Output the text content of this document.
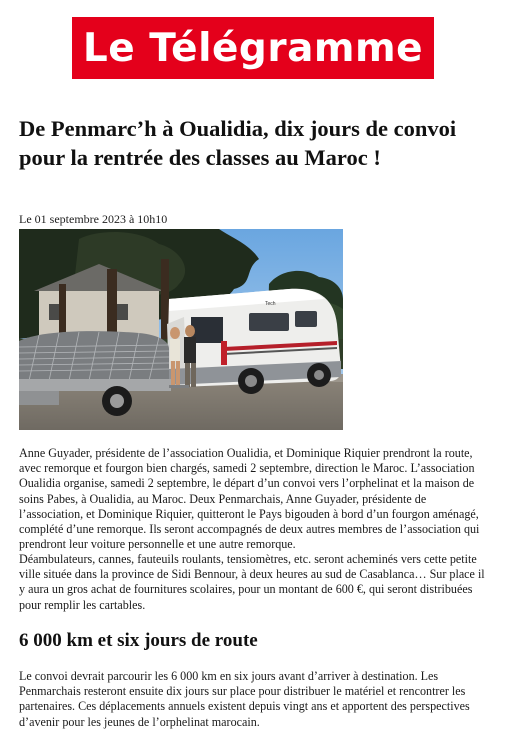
Le Télégramme
De Penmarc’h à Oualidia, dix jours de convoi pour la rentrée des classes au Maroc !
Le 01 septembre 2023 à 10h10
Tech

Anne Guyader, présidente de l’association Oualidia, et Dominique Riquier prendront la route, avec remorque et fourgon bien chargés, samedi 2 septembre, direction le Maroc. L’association Oualidia organise, samedi 2 septembre, le départ d’un convoi vers l’orphelinat et la maison de soins Pabes, à Oualidia, au Maroc. Deux Penmarchais, Anne Guyader, présidente de l’association, et Dominique Riquier, quitteront le Pays bigouden à bord d’un fourgon aménagé, complété d’une remorque. Ils seront accompagnés de deux autres membres de l’association qui prendront leur voiture personnelle et une autre remorque.

Déambulateurs, cannes, fauteuils roulants, tensiomètres, etc. seront acheminés vers cette petite ville située dans la province de Sidi Bennour, à deux heures au sud de Casablanca… Sur place il y aura un gros achat de fournitures scolaires, pour un montant de 600 €, qui seront distribuées pour remplir les cartables.

6 000 km et six jours de route

Le convoi devrait parcourir les 6 000 km en six jours avant d’arriver à destination. Les Penmarchais resteront ensuite dix jours sur place pour distribuer le matériel et rencontrer les partenaires. Ces déplacements annuels existent depuis vingt ans et apportent des perspectives d’avenir pour les jeunes de l’orphelinat marocain.
